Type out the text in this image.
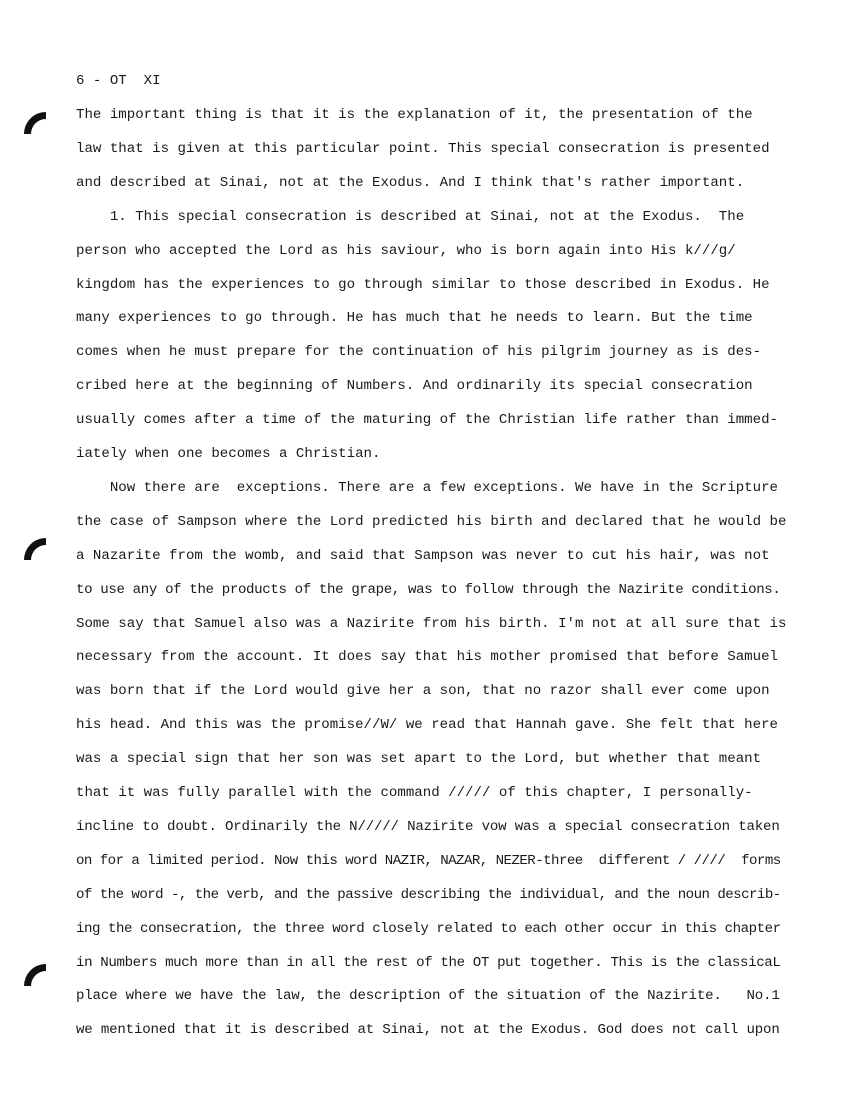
6 - OT  XI
The important thing is that it is the explanation of it, the presentation of the
law that is given at this particular point. This special consecration is presented
and described at Sinai, not at the Exodus. And I think that's rather important.
1. This special consecration is described at Sinai, not at the Exodus.  The
person who accepted the Lord as his saviour, who is born again into His k///g/
kingdom has the experiences to go through similar to those described in Exodus. He
many experiences to go through. He has much that he needs to learn. But the time
comes when he must prepare for the continuation of his pilgrim journey as is des-
cribed here at the beginning of Numbers. And ordinarily its special consecration
usually comes after a time of the maturing of the Christian life rather than immed-
iately when one becomes a Christian.
Now there are  exceptions. There are a few exceptions. We have in the Scripture
the case of Sampson where the Lord predicted his birth and declared that he would be
a Nazarite from the womb, and said that Sampson was never to cut his hair, was not
to use any of the products of the grape, was to follow through the Nazirite conditions.
Some say that Samuel also was a Nazirite from his birth. I'm not at all sure that is
necessary from the account. It does say that his mother promised that before Samuel
was born that if the Lord would give her a son, that no razor shall ever come upon
his head. And this was the promise//W/ we read that Hannah gave. She felt that here
was a special sign that her son was set apart to the Lord, but whether that meant
that it was fully parallel with the command ///// of this chapter, I personally-
incline to doubt. Ordinarily the N///// Nazirite vow was a special consecration taken
on for a limited period. Now this word NAZIR, NAZAR, NEZER-three  different / ////  forms
of the word -, the verb, and the passive describing the individual, and the noun describ-
ing the consecration, the three word closely related to each other occur in this chapter
in Numbers much more than in all the rest of the OT put together. This is the classicaL
place where we have the law, the description of the situation of the Nazirite.   No.1
we mentioned that it is described at Sinai, not at the Exodus. God does not call upon
